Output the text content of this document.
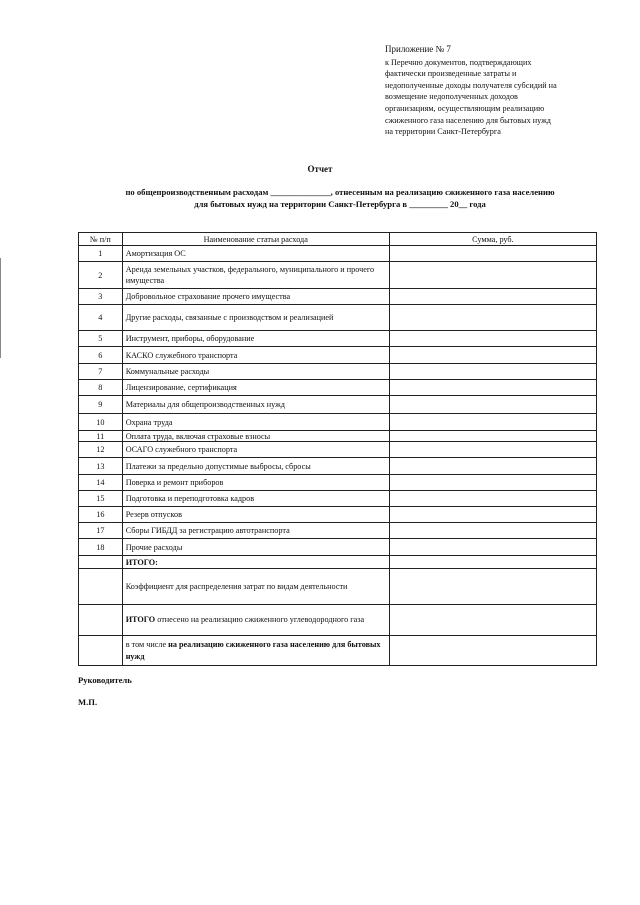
Приложение № 7
к Перечню документов, подтверждающих
фактически произведенные затраты и
недополученные доходы получателя субсидий на
возмещение недополученных доходов
организациям, осуществляющим реализацию
сжиженного газа населению для бытовых нужд
на территории Санкт-Петербурга
Отчет
по общепроизводственным расходам ______________, отнесенным на реализацию сжиженного газа населению
для бытовых нужд на территории Санкт-Петербурга в _________ 20__ года
№ п/п	Наименование статьи расхода	Сумма, руб.
1	Амортизация ОС	
2	Аренда земельных участков, федерального, муниципального и прочего имущества	
3	Добровольное страхование прочего имущества	
4	Другие расходы, связанные с производством и реализацией	
5	Инструмент, приборы, оборудование	
6	КАСКО служебного транспорта	
7	Коммунальные расходы	
8	Лицензирование, сертификация	
9	Материалы для общепроизводственных нужд	
10	Охрана труда	
11	Оплата труда, включая страховые взносы	
12	ОСАГО служебного транспорта	
13	Платежи за предельно допустимые выбросы, сбросы	
14	Поверка и ремонт приборов	
15	Подготовка и переподготовка кадров	
16	Резерв отпусков	
17	Сборы ГИБДД за регистрацию автотранспорта	
18	Прочие расходы	
	ИТОГО:	
	Коэффициент для распределения затрат по видам деятельности	
	ИТОГО отнесено на реализацию сжиженного углеводородного газа	
	в том числе на реализацию сжиженного газа населению для бытовых нужд	
Руководитель
М.П.
